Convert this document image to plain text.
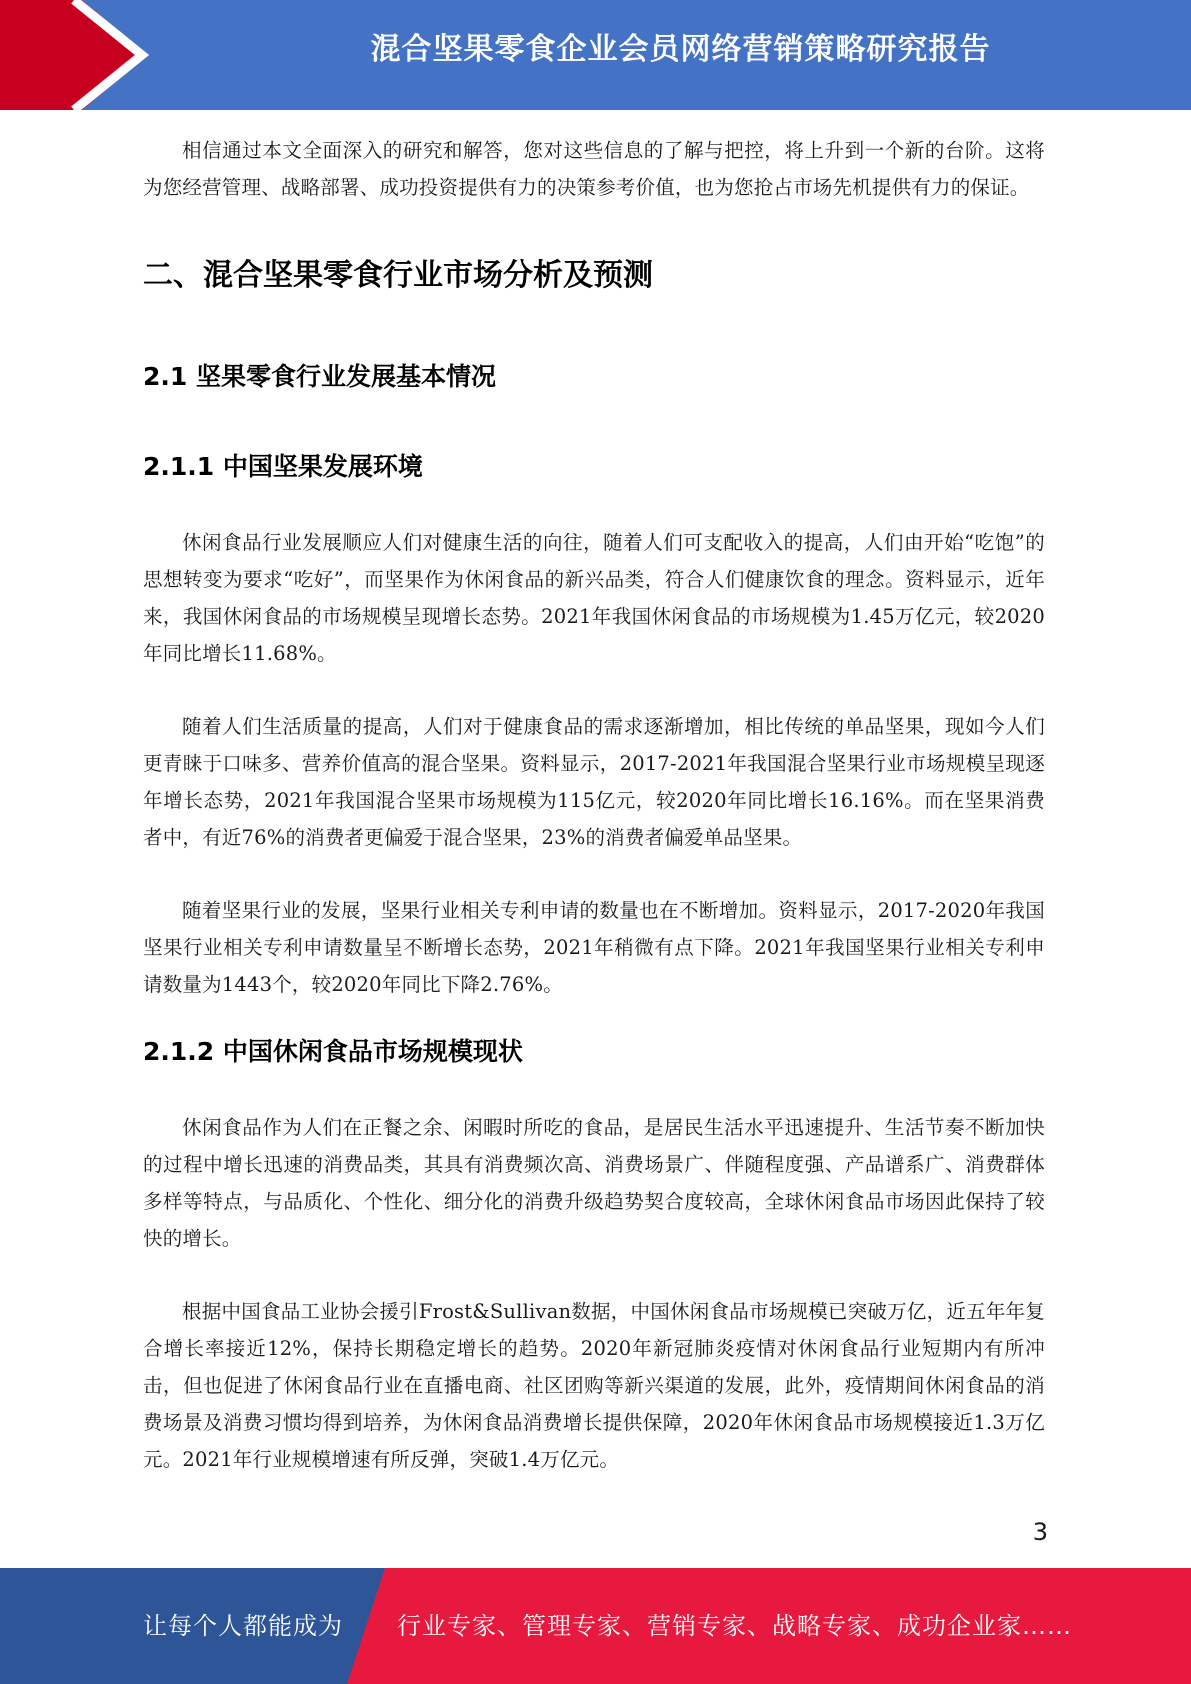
混合坚果零食企业会员网络营销策略研究报告

相信通过本文全面深入的研究和解答，您对这些信息的了解与把控，将上升到一个新的台阶。这将为您经营管理、战略部署、成功投资提供有力的决策参考价值，也为您抢占市场先机提供有力的保证。

二、混合坚果零食行业市场分析及预测
2.1 坚果零食行业发展基本情况
2.1.1 中国坚果发展环境

休闲食品行业发展顺应人们对健康生活的向往，随着人们可支配收入的提高，人们由开始“吃饱”的思想转变为要求“吃好”，而坚果作为休闲食品的新兴品类，符合人们健康饮食的理念。资料显示，近年来，我国休闲食品的市场规模呈现增长态势。2021年我国休闲食品的市场规模为1.45万亿元，较2020年同比增长11.68%。

随着人们生活质量的提高，人们对于健康食品的需求逐渐增加，相比传统的单品坚果，现如今人们更青睐于口味多、营养价值高的混合坚果。资料显示，2017-2021年我国混合坚果行业市场规模呈现逐年增长态势，2021年我国混合坚果市场规模为115亿元，较2020年同比增长16.16%。而在坚果消费者中，有近76%的消费者更偏爱于混合坚果，23%的消费者偏爱单品坚果。

随着坚果行业的发展，坚果行业相关专利申请的数量也在不断增加。资料显示，2017-2020年我国坚果行业相关专利申请数量呈不断增长态势，2021年稍微有点下降。2021年我国坚果行业相关专利申请数量为1443个，较2020年同比下降2.76%。

2.1.2 中国休闲食品市场规模现状

休闲食品作为人们在正餐之余、闲暇时所吃的食品，是居民生活水平迅速提升、生活节奏不断加快的过程中增长迅速的消费品类，其具有消费频次高、消费场景广、伴随程度强、产品谱系广、消费群体多样等特点，与品质化、个性化、细分化的消费升级趋势契合度较高，全球休闲食品市场因此保持了较快的增长。

根据中国食品工业协会援引Frost&Sullivan数据，中国休闲食品市场规模已突破万亿，近五年年复合增长率接近12%，保持长期稳定增长的趋势。2020年新冠肺炎疫情对休闲食品行业短期内有所冲击，但也促进了休闲食品行业在直播电商、社区团购等新兴渠道的发展，此外，疫情期间休闲食品的消费场景及消费习惯均得到培养，为休闲食品消费增长提供保障，2020年休闲食品市场规模接近1.3万亿元。2021年行业规模增速有所反弹，突破1.4万亿元。

3
让每个人都能成为 行业专家、管理专家、营销专家、战略专家、成功企业家……
